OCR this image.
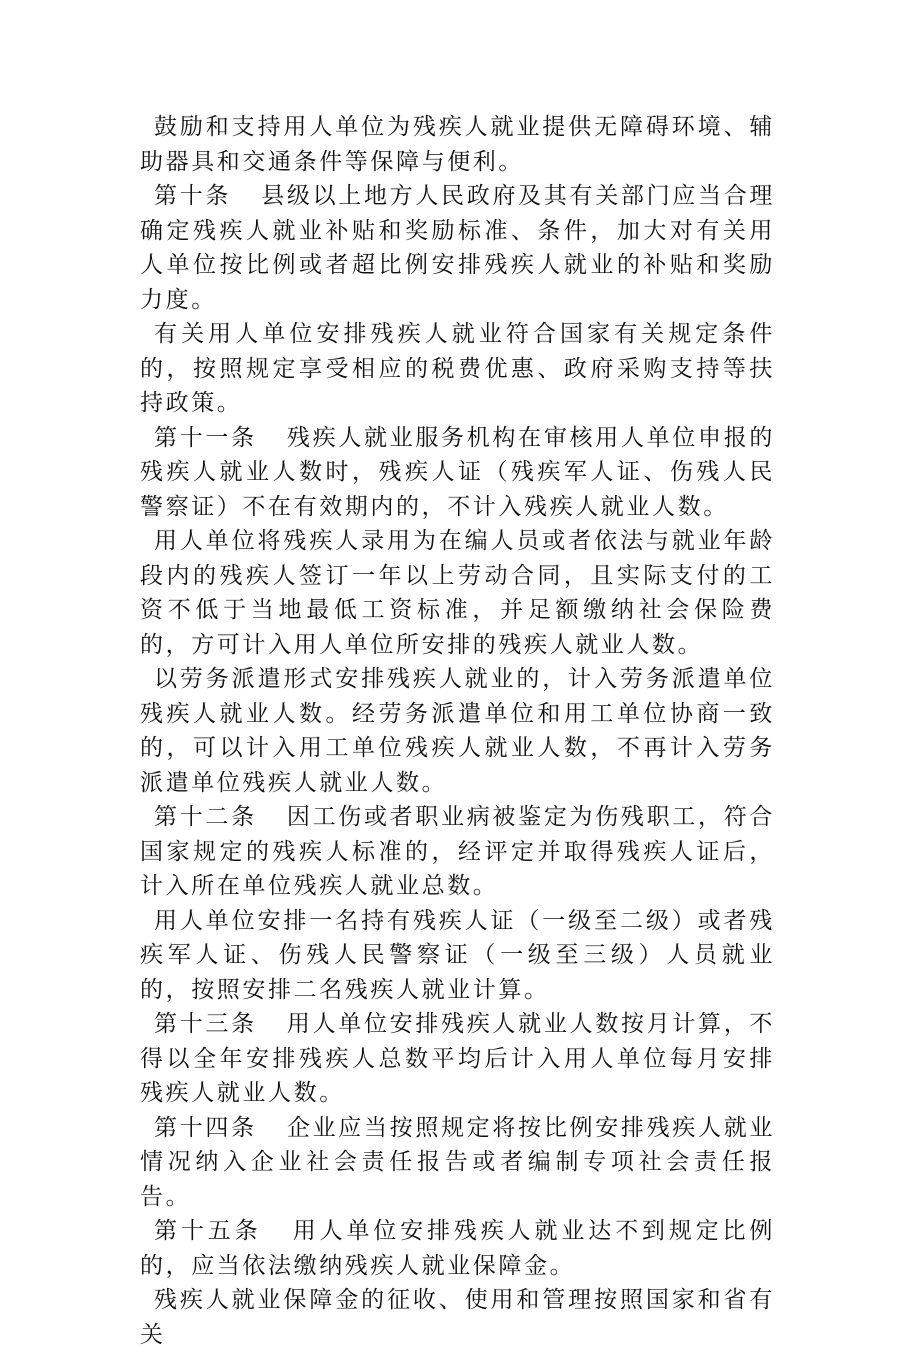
鼓励和支持用人单位为残疾人就业提供无障碍环境、辅助器具和交通条件等保障与便利。

第十条 县级以上地方人民政府及其有关部门应当合理确定残疾人就业补贴和奖励标准、条件，加大对有关用人单位按比例或者超比例安排残疾人就业的补贴和奖励力度。

有关用人单位安排残疾人就业符合国家有关规定条件的，按照规定享受相应的税费优惠、政府采购支持等扶持政策。

第十一条 残疾人就业服务机构在审核用人单位申报的残疾人就业人数时，残疾人证（残疾军人证、伤残人民警察证）不在有效期内的，不计入残疾人就业人数。

用人单位将残疾人录用为在编人员或者依法与就业年龄段内的残疾人签订一年以上劳动合同，且实际支付的工资不低于当地最低工资标准，并足额缴纳社会保险费的，方可计入用人单位所安排的残疾人就业人数。

以劳务派遣形式安排残疾人就业的，计入劳务派遣单位残疾人就业人数。经劳务派遣单位和用工单位协商一致的，可以计入用工单位残疾人就业人数，不再计入劳务派遣单位残疾人就业人数。

第十二条 因工伤或者职业病被鉴定为伤残职工，符合国家规定的残疾人标准的，经评定并取得残疾人证后，计入所在单位残疾人就业总数。

用人单位安排一名持有残疾人证（一级至二级）或者残疾军人证、伤残人民警察证（一级至三级）人员就业的，按照安排二名残疾人就业计算。

第十三条 用人单位安排残疾人就业人数按月计算，不得以全年安排残疾人总数平均后计入用人单位每月安排残疾人就业人数。

第十四条 企业应当按照规定将按比例安排残疾人就业情况纳入企业社会责任报告或者编制专项社会责任报告。

第十五条 用人单位安排残疾人就业达不到规定比例的，应当依法缴纳残疾人就业保障金。

残疾人就业保障金的征收、使用和管理按照国家和省有关
